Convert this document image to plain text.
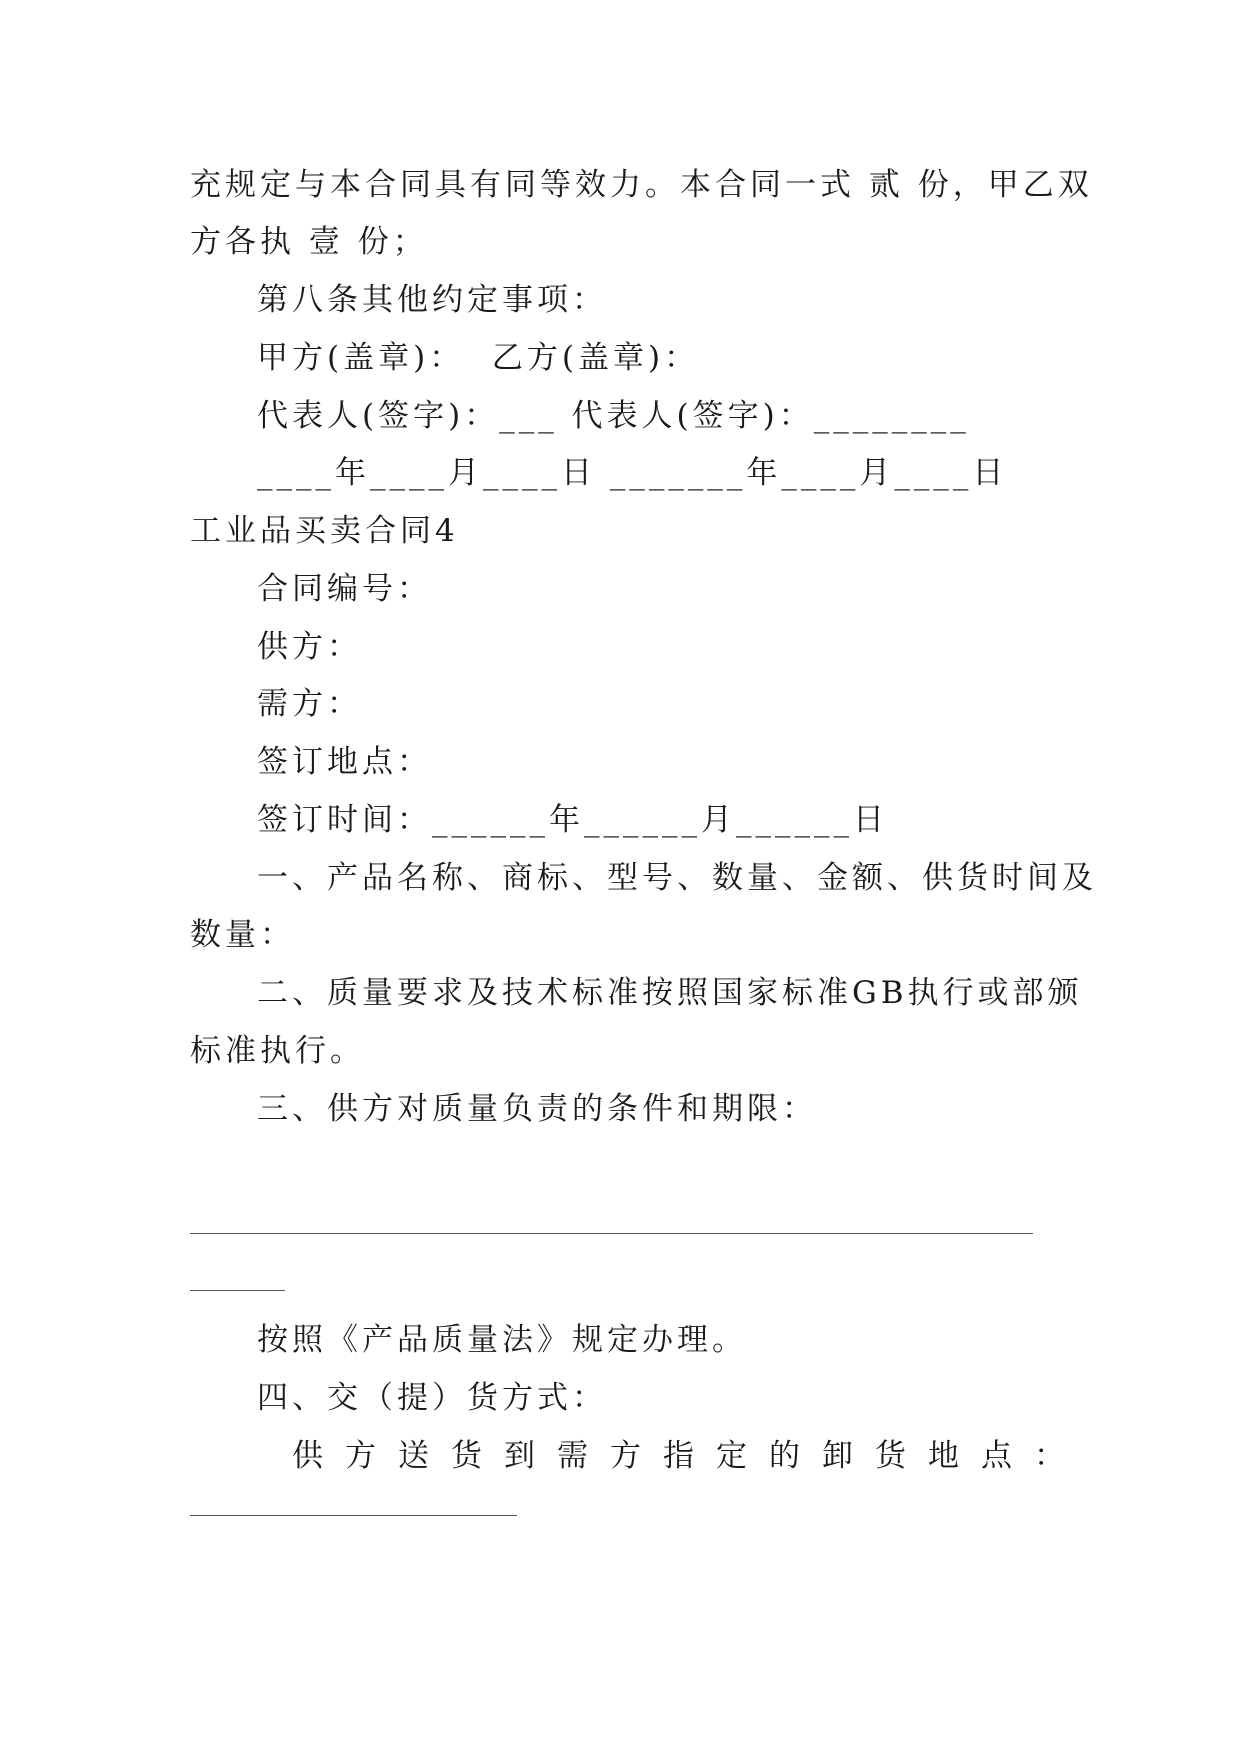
充规定与本合同具有同等效力。本合同一式 贰 份，甲乙双
方各执 壹 份；
第八条其他约定事项：
甲方(盖章)：  乙方(盖章)：
代表人(签字)：___ 代表人(签字)：________
____年____月____日 _______年____月____日
工业品买卖合同4
合同编号：
供方：
需方：
签订地点：
签订时间：______年______月______日
一、产品名称、商标、型号、数量、金额、供货时间及
数量：
二、质量要求及技术标准按照国家标准GB执行或部颁
标准执行。
三、供方对质量负责的条件和期限：
按照《产品质量法》规定办理。
四、交（提）货方式：
供方送货到需方指定的卸货地点：
